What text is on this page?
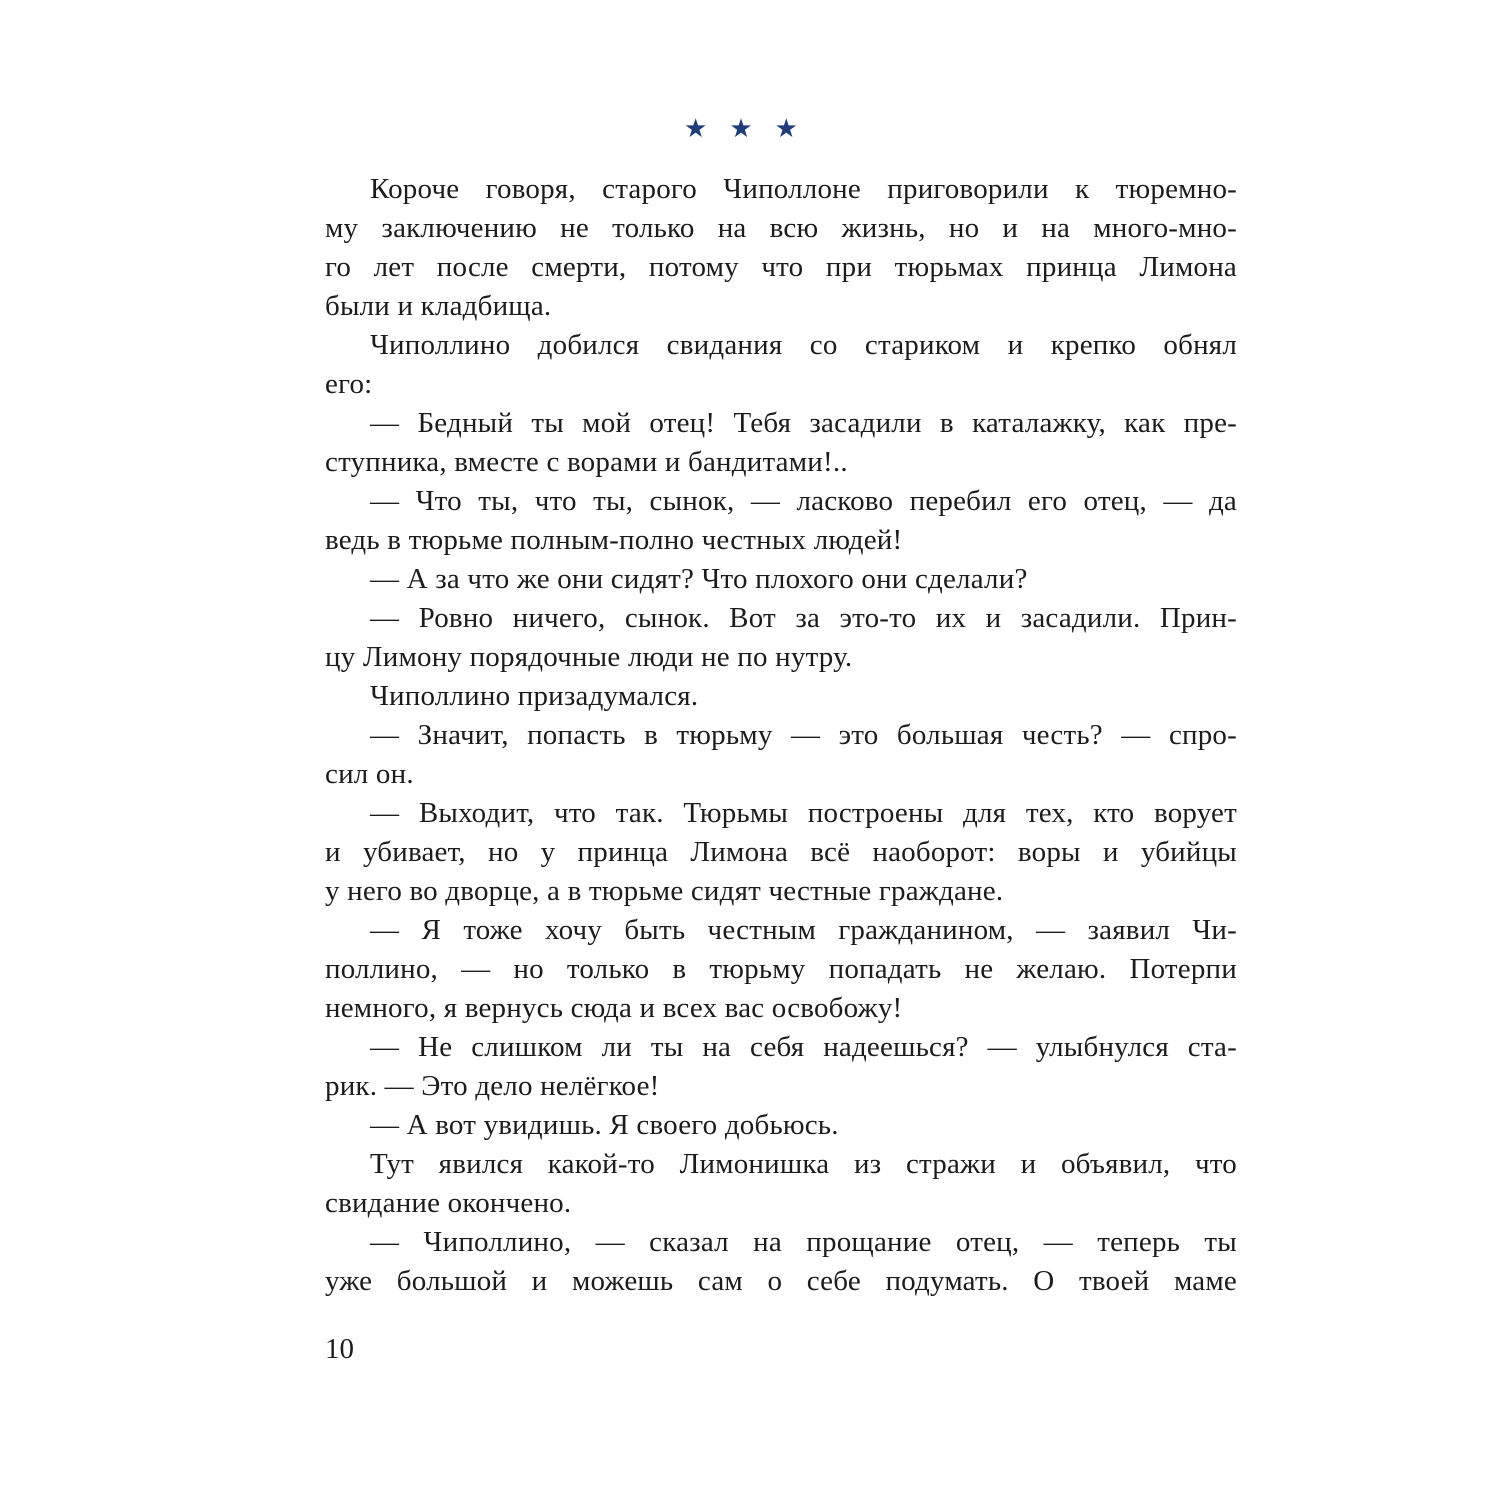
★ ★ ★
Короче говоря, старого Чиполлоне приговорили к тюремно-
му заключению не только на всю жизнь, но и на много-мно-
го лет после смерти, потому что при тюрьмах принца Лимона
были и кладбища.
Чиполлино добился свидания со стариком и крепко обнял
его:
— Бедный ты мой отец! Тебя засадили в каталажку, как пре-
ступника, вместе с ворами и бандитами!..
— Что ты, что ты, сынок, — ласково перебил его отец, — да
ведь в тюрьме полным-полно честных людей!
— А за что же они сидят? Что плохого они сделали?
— Ровно ничего, сынок. Вот за это-то их и засадили. Прин-
цу Лимону порядочные люди не по нутру.
Чиполлино призадумался.
— Значит, попасть в тюрьму — это большая честь? — спро-
сил он.
— Выходит, что так. Тюрьмы построены для тех, кто ворует
и убивает, но у принца Лимона всё наоборот: воры и убийцы
у него во дворце, а в тюрьме сидят честные граждане.
— Я тоже хочу быть честным гражданином, — заявил Чи-
поллино, — но только в тюрьму попадать не желаю. Потерпи
немного, я вернусь сюда и всех вас освобожу!
— Не слишком ли ты на себя надеешься? — улыбнулся ста-
рик. — Это дело нелёгкое!
— А вот увидишь. Я своего добьюсь.
Тут явился какой-то Лимонишка из стражи и объявил, что
свидание окончено.
— Чиполлино, — сказал на прощание отец, — теперь ты
уже большой и можешь сам о себе подумать. О твоей маме
10
